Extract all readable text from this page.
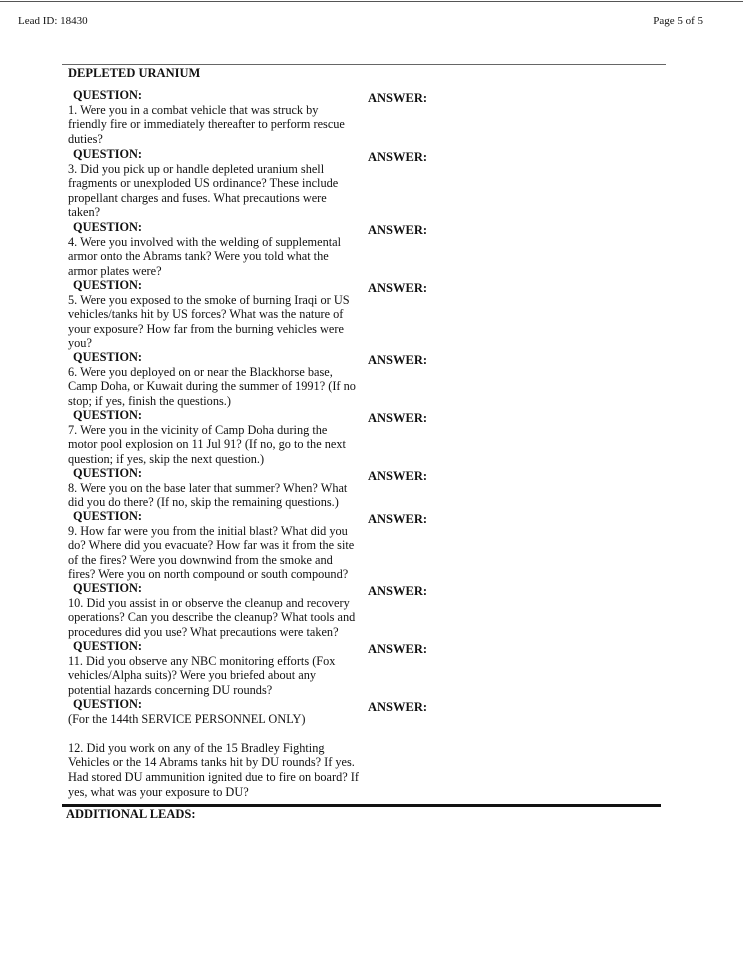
Lead ID: 18430	Page 5 of 5
DEPLETED URANIUM
QUESTION:
1. Were you in a combat vehicle that was struck by
friendly fire or immediately thereafter to perform rescue
duties?
ANSWER:
QUESTION:
3. Did you pick up or handle depleted uranium shell
fragments or unexploded US ordinance? These include
propellant charges and fuses. What precautions were
taken?
ANSWER:
QUESTION:
4. Were you involved with the welding of supplemental
armor onto the Abrams tank? Were you told what the
armor plates were?
ANSWER:
QUESTION:
5. Were you exposed to the smoke of burning Iraqi or US
vehicles/tanks hit by US forces? What was the nature of
your exposure? How far from the burning vehicles were
you?
ANSWER:
QUESTION:
6. Were you deployed on or near the Blackhorse base,
Camp Doha, or Kuwait during the summer of 1991? (If no
stop; if yes, finish the questions.)
ANSWER:
QUESTION:
7. Were you in the vicinity of Camp Doha during the
motor pool explosion on 11 Jul 91? (If no, go to the next
question; if yes, skip the next question.)
ANSWER:
QUESTION:
8. Were you on the base later that summer? When? What
did you do there? (If no, skip the remaining questions.)
ANSWER:
QUESTION:
9. How far were you from the initial blast? What did you
do? Where did you evacuate? How far was it from the site
of the fires? Were you downwind from the smoke and
fires? Were you on north compound or south compound?
ANSWER:
QUESTION:
10. Did you assist in or observe the cleanup and recovery
operations? Can you describe the cleanup? What tools and
procedures did you use? What precautions were taken?
ANSWER:
QUESTION:
11. Did you observe any NBC monitoring efforts (Fox
vehicles/Alpha suits)? Were you briefed about any
potential hazards concerning DU rounds?
ANSWER:
QUESTION:
(For the 144th SERVICE PERSONNEL ONLY)

12. Did you work on any of the 15 Bradley Fighting
Vehicles or the 14 Abrams tanks hit by DU rounds? If yes.
Had stored DU ammunition ignited due to fire on board? If
yes, what was your exposure to DU?
ANSWER:
ADDITIONAL LEADS:
